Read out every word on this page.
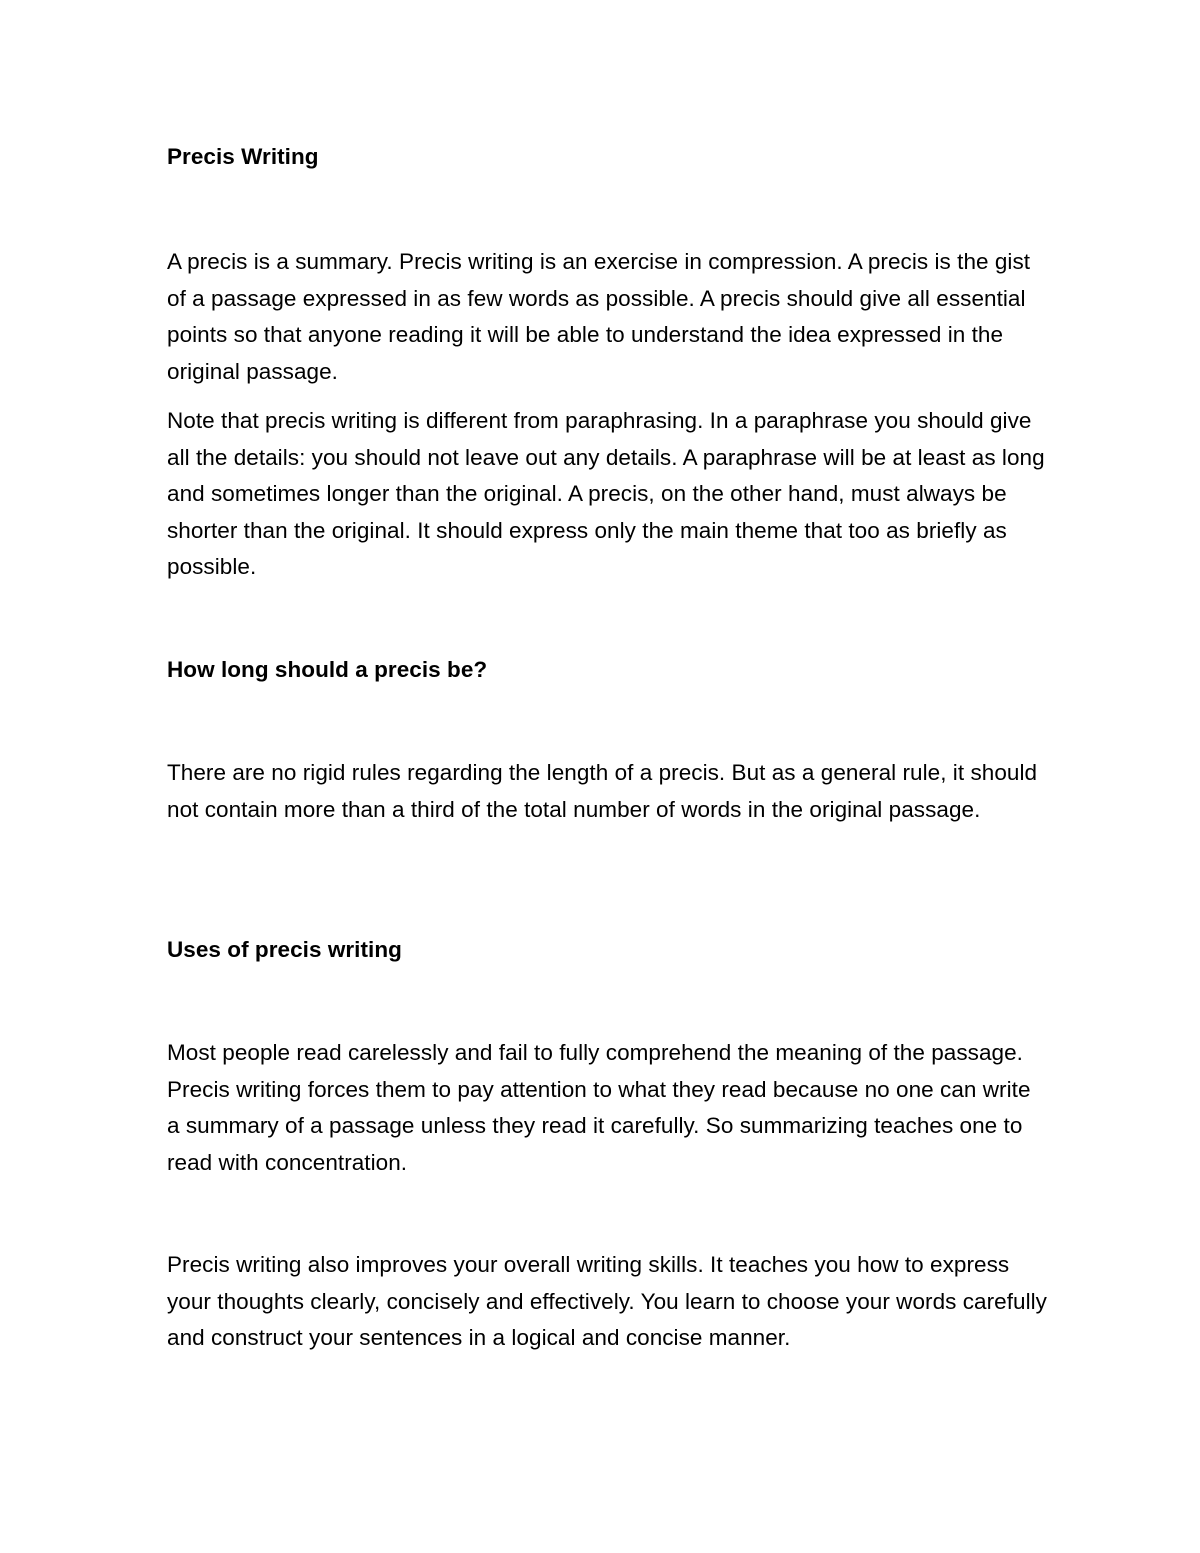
Precis Writing

A precis is a summary. Precis writing is an exercise in compression. A precis is the gist of a passage expressed in as few words as possible. A precis should give all essential points so that anyone reading it will be able to understand the idea expressed in the original passage.

Note that precis writing is different from paraphrasing. In a paraphrase you should give all the details: you should not leave out any details. A paraphrase will be at least as long and sometimes longer than the original. A precis, on the other hand, must always be shorter than the original. It should express only the main theme that too as briefly as possible.

How long should a precis be?

There are no rigid rules regarding the length of a precis. But as a general rule, it should not contain more than a third of the total number of words in the original passage.

Uses of precis writing

Most people read carelessly and fail to fully comprehend the meaning of the passage. Precis writing forces them to pay attention to what they read because no one can write a summary of a passage unless they read it carefully. So summarizing teaches one to read with concentration.

Precis writing also improves your overall writing skills. It teaches you how to express your thoughts clearly, concisely and effectively. You learn to choose your words carefully and construct your sentences in a logical and concise manner.
